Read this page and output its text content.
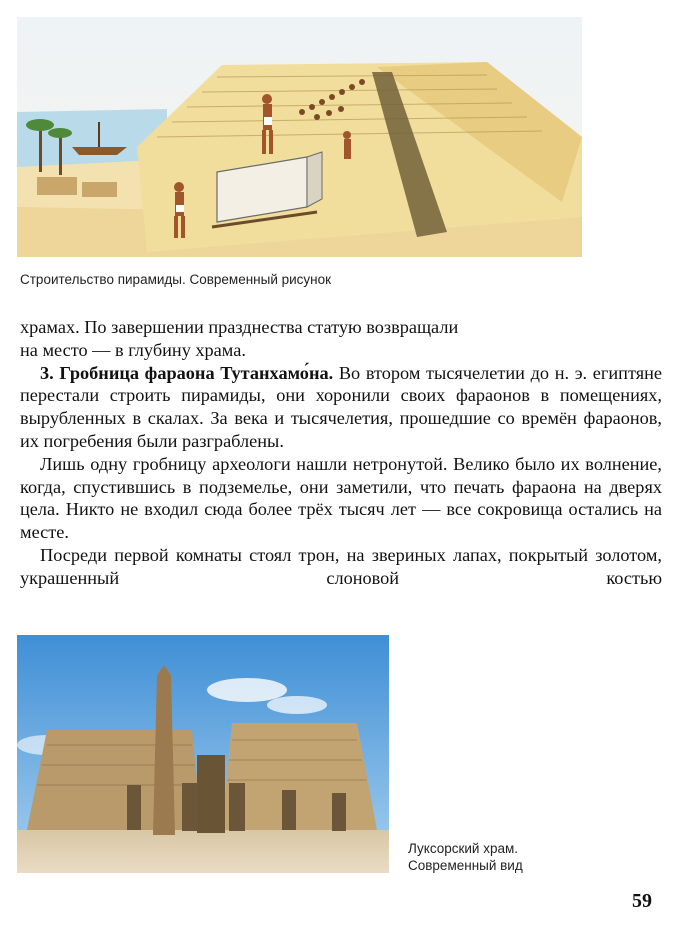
Строительство пирамиды. Современный рисунок

храмах. По завершении празднества статую возвращали
на место — в глубину храма.

3. Гробница фараона Тутанхамо́на. Во втором тысячелетии до н. э. египтяне перестали строить пирамиды, они хоронили своих фараонов в помещениях, вырубленных в скалах. За века и тысячелетия, прошедшие со времён фараонов, их погребения были разграблены.

Лишь одну гробницу археологи нашли нетронутой. Велико было их волнение, когда, спустившись в подземелье, они заметили, что печать фараона на дверях цела. Никто не входил сюда более трёх тысяч лет — все сокровища остались на месте.

Посреди первой комнаты стоял трон, на звериных лапах, покрытый золотом, украшенный слоновой костью

Луксорский храм.
Современный вид
59
